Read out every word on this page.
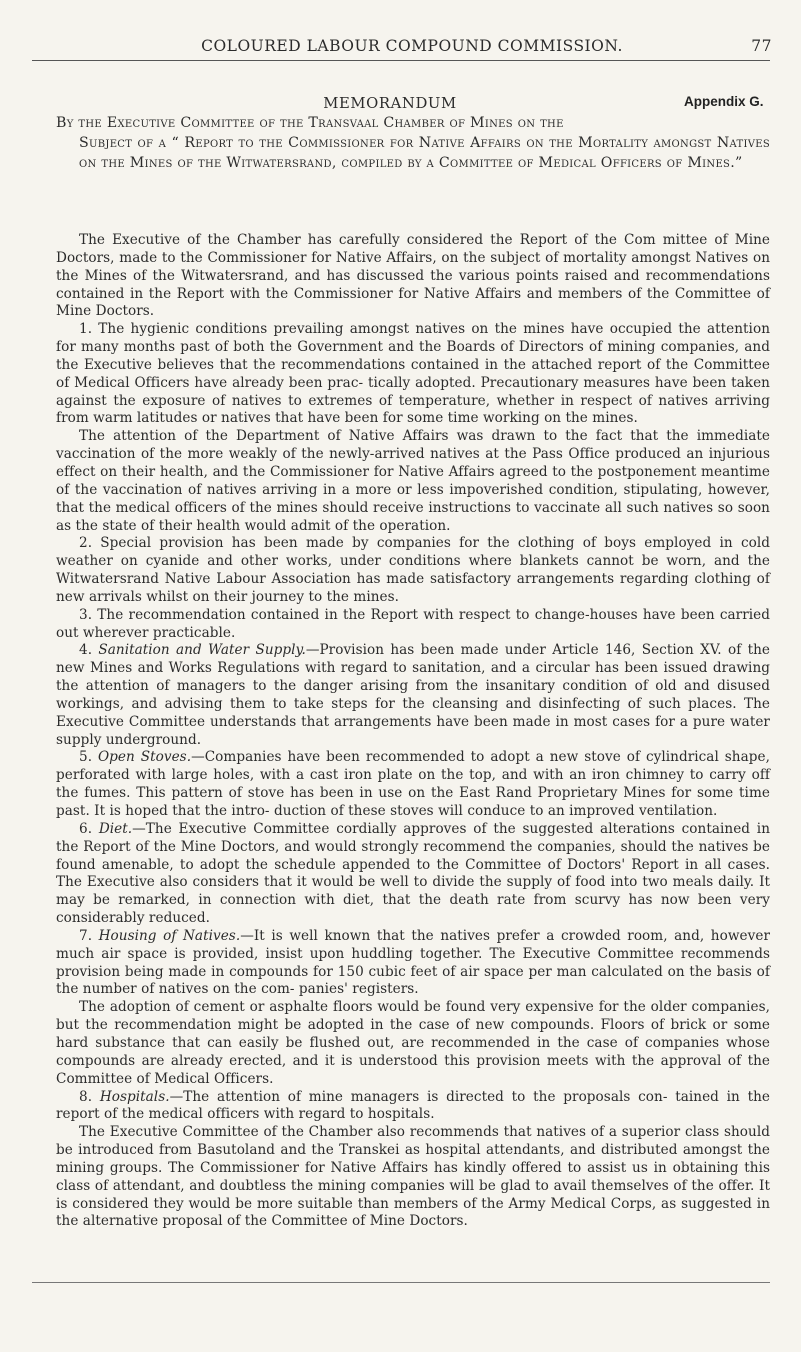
COLOURED LABOUR COMPOUND COMMISSION.	77
MEMORANDUM	Appendix G.
By the Executive Committee of the Transvaal Chamber of Mines on the
Subject of a “ Report to the Commissioner for Native Affairs on the Mortality amongst Natives on the Mines of the Witwatersrand, compiled by a Committee of Medical Officers of Mines.”

The Executive of the Chamber has carefully considered the Report of the Com mittee of Mine Doctors, made to the Commissioner for Native Affairs, on the subject of mortality amongst Natives on the Mines of the Witwatersrand, and has discussed the various points raised and recommendations contained in the Report with the Commissioner for Native Affairs and members of the Committee of Mine Doctors.

1. The hygienic conditions prevailing amongst natives on the mines have occupied the attention for many months past of both the Government and the Boards of Directors of mining companies, and the Executive believes that the recommendations contained in the attached report of the Committee of Medical Officers have already been prac- tically adopted. Precautionary measures have been taken against the exposure of natives to extremes of temperature, whether in respect of natives arriving from warm latitudes or natives that have been for some time working on the mines.

The attention of the Department of Native Affairs was drawn to the fact that the immediate vaccination of the more weakly of the newly-arrived natives at the Pass Office produced an injurious effect on their health, and the Commissioner for Native Affairs agreed to the postponement meantime of the vaccination of natives arriving in a more or less impoverished condition, stipulating, however, that the medical officers of the mines should receive instructions to vaccinate all such natives so soon as the state of their health would admit of the operation.

2. Special provision has been made by companies for the clothing of boys employed in cold weather on cyanide and other works, under conditions where blankets cannot be worn, and the Witwatersrand Native Labour Association has made satisfactory arrangements regarding clothing of new arrivals whilst on their journey to the mines.

3. The recommendation contained in the Report with respect to change-houses have been carried out wherever practicable.

4. Sanitation and Water Supply.—Provision has been made under Article 146, Section XV. of the new Mines and Works Regulations with regard to sanitation, and a circular has been issued drawing the attention of managers to the danger arising from the insanitary condition of old and disused workings, and advising them to take steps for the cleansing and disinfecting of such places. The Executive Committee understands that arrangements have been made in most cases for a pure water supply underground.

5. Open Stoves.—Companies have been recommended to adopt a new stove of cylindrical shape, perforated with large holes, with a cast iron plate on the top, and with an iron chimney to carry off the fumes. This pattern of stove has been in use on the East Rand Proprietary Mines for some time past. It is hoped that the intro- duction of these stoves will conduce to an improved ventilation.

6. Diet.—The Executive Committee cordially approves of the suggested alterations contained in the Report of the Mine Doctors, and would strongly recommend the companies, should the natives be found amenable, to adopt the schedule appended to the Committee of Doctors' Report in all cases. The Executive also considers that it would be well to divide the supply of food into two meals daily. It may be remarked, in connection with diet, that the death rate from scurvy has now been very considerably reduced.

7. Housing of Natives.—It is well known that the natives prefer a crowded room, and, however much air space is provided, insist upon huddling together. The Executive Committee recommends provision being made in compounds for 150 cubic feet of air space per man calculated on the basis of the number of natives on the com- panies' registers.

The adoption of cement or asphalte floors would be found very expensive for the older companies, but the recommendation might be adopted in the case of new compounds. Floors of brick or some hard substance that can easily be flushed out, are recommended in the case of companies whose compounds are already erected, and it is understood this provision meets with the approval of the Committee of Medical Officers.

8. Hospitals.—The attention of mine managers is directed to the proposals con- tained in the report of the medical officers with regard to hospitals.

The Executive Committee of the Chamber also recommends that natives of a superior class should be introduced from Basutoland and the Transkei as hospital attendants, and distributed amongst the mining groups. The Commissioner for Native Affairs has kindly offered to assist us in obtaining this class of attendant, and doubtless the mining companies will be glad to avail themselves of the offer. It is considered they would be more suitable than members of the Army Medical Corps, as suggested in the alternative proposal of the Committee of Mine Doctors.
